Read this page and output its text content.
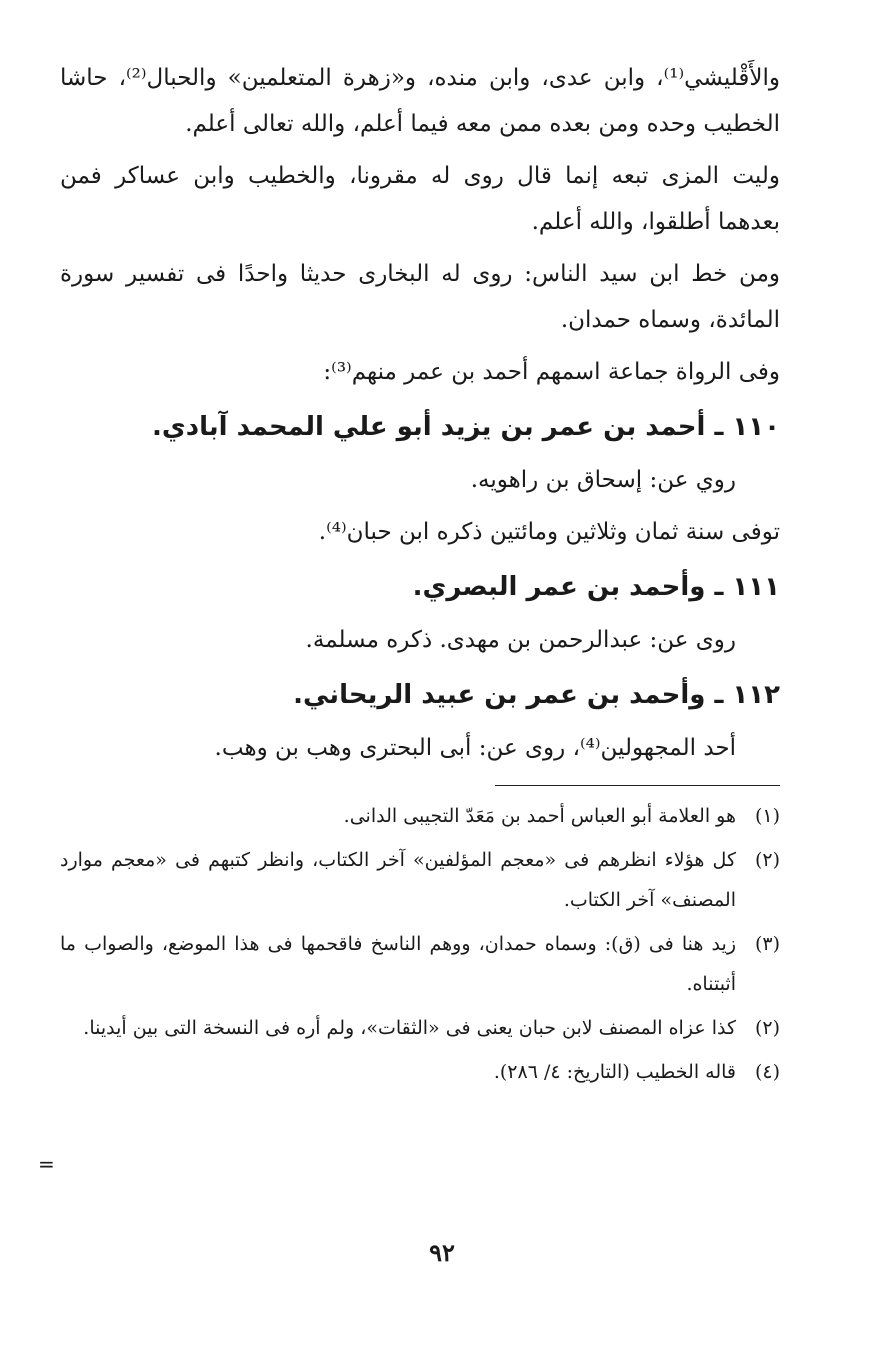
والأَقْليشي⁽¹⁾، وابن عدى، وابن منده، و«زهرة المتعلمين» والحبال⁽²⁾، حاشا الخطيب وحده ومن بعده ممن معه فيما أعلم، والله تعالى أعلم.

وليت المزى تبعه إنما قال روى له مقرونا، والخطيب وابن عساكر فمن بعدهما أطلقوا، والله أعلم.

ومن خط ابن سيد الناس: روى له البخارى حديثا واحدًا فى تفسير سورة المائدة، وسماه حمدان.

وفى الرواة جماعة اسمهم أحمد بن عمر منهم⁽³⁾:

١١٠ ـ أحمد بن عمر بن يزيد أبو علي المحمد آبادي.

روي عن: إسحاق بن راهويه.

توفى سنة ثمان وثلاثين ومائتين ذكره ابن حبان⁽⁴⁾.

١١١ ـ وأحمد بن عمر البصري.

روى عن: عبدالرحمن بن مهدى. ذكره مسلمة.

١١٢ ـ وأحمد بن عمر بن عبيد الريحاني.

أحد المجهولين⁽⁴⁾، روى عن: أبى البحترى وهب بن وهب.

(١)
هو العلامة أبو العباس أحمد بن مَعَدّ التجيبى الدانى.
(٢)
كل هؤلاء انظرهم فى «معجم المؤلفين» آخر الكتاب، وانظر كتبهم فى «معجم موارد المصنف» آخر الكتاب.
(٣)
زيد هنا فى (ق): وسماه حمدان، ووهم الناسخ فاقحمها فى هذا الموضع، والصواب ما أثبتناه.
(٢)
كذا عزاه المصنف لابن حبان يعنى فى «الثقات»، ولم أره فى النسخة التى بين أيدينا.
(٤)
قاله الخطيب (التاريخ: ٤/ ٢٨٦).
=
٩٢
